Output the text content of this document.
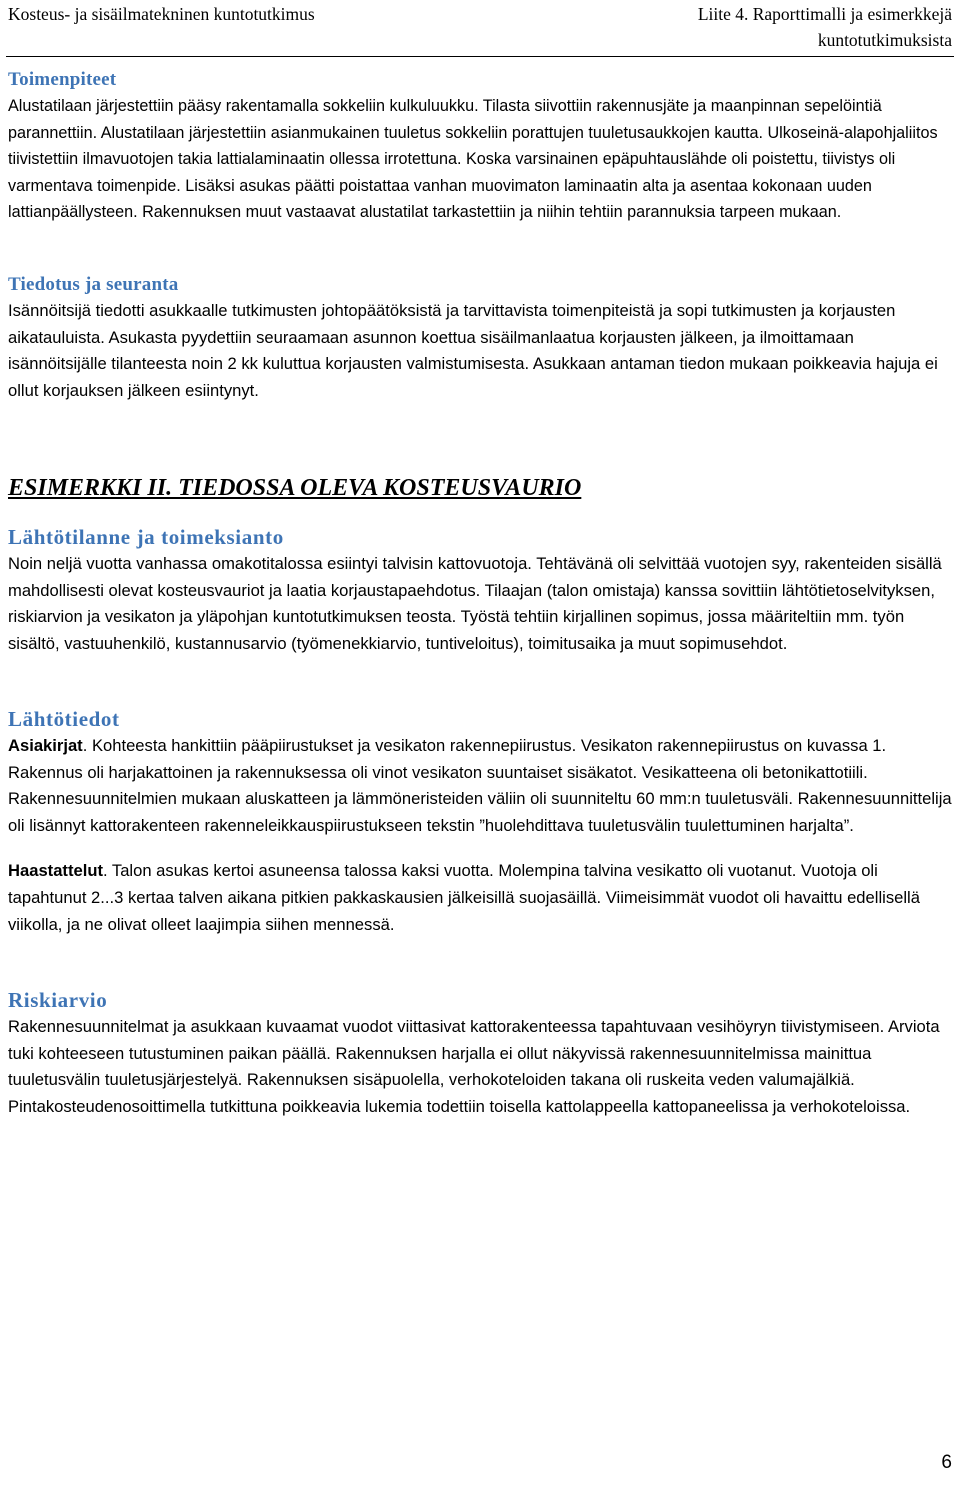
Kosteus- ja sisäilmatekninen kuntotutkimus	Liite 4. Raporttimalli ja esimerkkejä
kuntotutkimuksista
Toimenpiteet

Alustatilaan järjestettiin pääsy rakentamalla sokkeliin kulkuluukku. Tilasta siivottiin rakennusjäte ja maanpinnan sepelöintiä parannettiin. Alustatilaan järjestettiin asianmukainen tuuletus sokkeliin porattujen tuuletusaukkojen kautta. Ulkoseinä-alapohjaliitos tiivistettiin ilmavuotojen takia lattialaminaatin ollessa irrotettuna. Koska varsinainen epäpuhtauslähde oli poistettu, tiivistys oli varmentava toimenpide. Lisäksi asukas päätti poistattaa vanhan muovimaton laminaatin alta ja asentaa kokonaan uuden lattianpäällysteen. Rakennuksen muut vastaavat alustatilat tarkastettiin ja niihin tehtiin parannuksia tarpeen mukaan.

Tiedotus ja seuranta

Isännöitsijä tiedotti asukkaalle tutkimusten johtopäätöksistä ja tarvittavista toimenpiteistä ja sopi tutkimusten ja korjausten aikatauluista. Asukasta pyydettiin seuraamaan asunnon koettua sisäilmanlaatua korjausten jälkeen, ja ilmoittamaan isännöitsijälle tilanteesta noin 2 kk kuluttua korjausten valmistumisesta. Asukkaan antaman tiedon mukaan poikkeavia hajuja ei ollut korjauksen jälkeen esiintynyt.

ESIMERKKI II. TIEDOSSA OLEVA KOSTEUSVAURIO
Lähtötilanne ja toimeksianto

Noin neljä vuotta vanhassa omakotitalossa esiintyi talvisin kattovuotoja. Tehtävänä oli selvittää vuotojen syy, rakenteiden sisällä mahdollisesti olevat kosteusvauriot ja laatia korjaustapaehdotus. Tilaajan (talon omistaja) kanssa sovittiin lähtötietoselvityksen, riskiarvion ja vesikaton ja yläpohjan kuntotutkimuksen teosta. Työstä tehtiin kirjallinen sopimus, jossa määriteltiin mm. työn sisältö, vastuuhenkilö, kustannusarvio (työmenekkiarvio, tuntiveloitus), toimitusaika ja muut sopimusehdot.

Lähtötiedot

Asiakirjat. Kohteesta hankittiin pääpiirustukset ja vesikaton rakennepiirustus. Vesikaton rakennepiirustus on kuvassa 1. Rakennus oli harjakattoinen ja rakennuksessa oli vinot vesikaton suuntaiset sisäkatot. Vesikatteena oli betonikattotiili. Rakennesuunnitelmien mukaan aluskatteen ja lämmöneristeiden väliin oli suunniteltu 60 mm:n tuuletusväli. Rakennesuunnittelija oli lisännyt kattorakenteen rakenneleikkauspiirustukseen tekstin ”huolehdittava tuuletusvälin tuulettuminen harjalta”.

Haastattelut. Talon asukas kertoi asuneensa talossa kaksi vuotta. Molempina talvina vesikatto oli vuotanut. Vuotoja oli tapahtunut 2...3 kertaa talven aikana pitkien pakkaskausien jälkeisillä suojasäillä. Viimeisimmät vuodot oli havaittu edellisellä viikolla, ja ne olivat olleet laajimpia siihen mennessä.

Riskiarvio

Rakennesuunnitelmat ja asukkaan kuvaamat vuodot viittasivat kattorakenteessa tapahtuvaan vesihöyryn tiivistymiseen. Arviota tuki kohteeseen tutustuminen paikan päällä. Rakennuksen harjalla ei ollut näkyvissä rakennesuunnitelmissa mainittua tuuletusvälin tuuletusjärjestelyä. Rakennuksen sisäpuolella, verhokoteloiden takana oli ruskeita veden valumajälkiä. Pintakosteudenosoittimella tutkittuna poikkeavia lukemia todettiin toisella kattolappeella kattopaneelissa ja verhokoteloissa.

6
